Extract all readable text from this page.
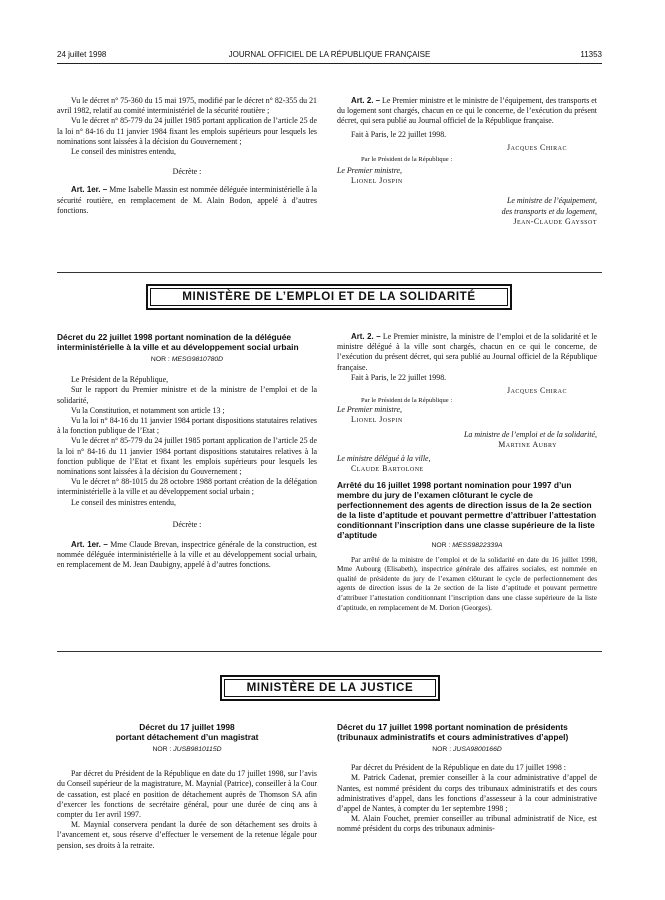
24 juillet 1998	JOURNAL OFFICIEL DE LA RÉPUBLIQUE FRANÇAISE	11353

Vu le décret n° 75-360 du 15 mai 1975, modifié par le décret n° 82-355 du 21 avril 1982, relatif au comité interministériel de la sécurité routière ;

Vu le décret n° 85-779 du 24 juillet 1985 portant application de l’article 25 de la loi n° 84-16 du 11 janvier 1984 fixant les emplois supérieurs pour lesquels les nominations sont laissées à la décision du Gouvernement ;

Le conseil des ministres entendu,

Décrète :

Art. 1er. – Mme Isabelle Massin est nommée déléguée interministérielle à la sécurité routière, en remplacement de M. Alain Bodon, appelé à d’autres fonctions.

Art. 2. – Le Premier ministre et le ministre de l’équipement, des transports et du logement sont chargés, chacun en ce qui le concerne, de l’exécution du présent décret, qui sera publié au Journal officiel de la République française.

Fait à Paris, le 22 juillet 1998.

Jacques Chirac

Par le Président de la République :

Le Premier ministre,

Lionel Jospin

Le ministre de l’équipement,

des transports et du logement,

Jean-Claude Gayssot

MINISTÈRE DE L’EMPLOI ET DE LA SOLIDARITÉ

Décret du 22 juillet 1998 portant nomination de la déléguée interministérielle à la ville et au développement social urbain

NOR : MESG9810780D

Le Président de la République,

Sur le rapport du Premier ministre et de la ministre de l’emploi et de la solidarité,

Vu la Constitution, et notamment son article 13 ;

Vu la loi n° 84-16 du 11 janvier 1984 portant dispositions statutaires relatives à la fonction publique de l’Etat ;

Vu le décret n° 85-779 du 24 juillet 1985 portant application de l’article 25 de la loi n° 84-16 du 11 janvier 1984 portant dispositions statutaires relatives à la fonction publique de l’Etat et fixant les emplois supérieurs pour lesquels les nominations sont laissées à la décision du Gouvernement ;

Vu le décret n° 88-1015 du 28 octobre 1988 portant création de la délégation interministérielle à la ville et au développement social urbain ;

Le conseil des ministres entendu,

Décrète :

Art. 1er. – Mme Claude Brevan, inspectrice générale de la construction, est nommée déléguée interministérielle à la ville et au développement social urbain, en remplacement de M. Jean Daubigny, appelé à d’autres fonctions.

Art. 2. – Le Premier ministre, la ministre de l’emploi et de la solidarité et le ministre délégué à la ville sont chargés, chacun en ce qui le concerne, de l’exécution du présent décret, qui sera publié au Journal officiel de la République française.

Fait à Paris, le 22 juillet 1998.

Jacques Chirac

Par le Président de la République :

Le Premier ministre,

Lionel Jospin

La ministre de l’emploi et de la solidarité,

Martine Aubry

Le ministre délégué à la ville,

Claude Bartolone

Arrêté du 16 juillet 1998 portant nomination pour 1997 d’un membre du jury de l’examen clôturant le cycle de perfectionnement des agents de direction issus de la 2e section de la liste d’aptitude et pouvant permettre d’attribuer l’attestation conditionnant l’inscription dans une classe supérieure de la liste d’aptitude

NOR : MESS9822339A

Par arrêté de la ministre de l’emploi et de la solidarité en date du 16 juillet 1998, Mme Aubourg (Elisabeth), inspectrice générale des affaires sociales, est nommée en qualité de présidente du jury de l’examen clôturant le cycle de perfectionnement des agents de direction issus de la 2e section de la liste d’aptitude et pouvant permettre d’attribuer l’attestation conditionnant l’inscription dans une classe supérieure de la liste d’aptitude, en remplacement de M. Dorion (Georges).

MINISTÈRE DE LA JUSTICE

Décret du 17 juillet 1998

portant détachement d’un magistrat

NOR : JUSB9810115D

Par décret du Président de la République en date du 17 juillet 1998, sur l’avis du Conseil supérieur de la magistrature, M. Maynial (Patrice), conseiller à la Cour de cassation, est placé en position de détachement auprès de Thomson SA afin d’exercer les fonctions de secrétaire général, pour une durée de cinq ans à compter du 1er avril 1997.

M. Maynial conservera pendant la durée de son détachement ses droits à l’avancement et, sous réserve d’effectuer le versement de la retenue légale pour pension, ses droits à la retraite.

Décret du 17 juillet 1998 portant nomination de présidents (tribunaux administratifs et cours administratives d’appel)

NOR : JUSA9800166D

Par décret du Président de la République en date du 17 juillet 1998 :

M. Patrick Cadenat, premier conseiller à la cour administrative d’appel de Nantes, est nommé président du corps des tribunaux administratifs et des cours administratives d’appel, dans les fonctions d’assesseur à la cour administrative d’appel de Nantes, à compter du 1er septembre 1998 ;

M. Alain Fouchet, premier conseiller au tribunal administratif de Nice, est nommé président du corps des tribunaux adminis-
